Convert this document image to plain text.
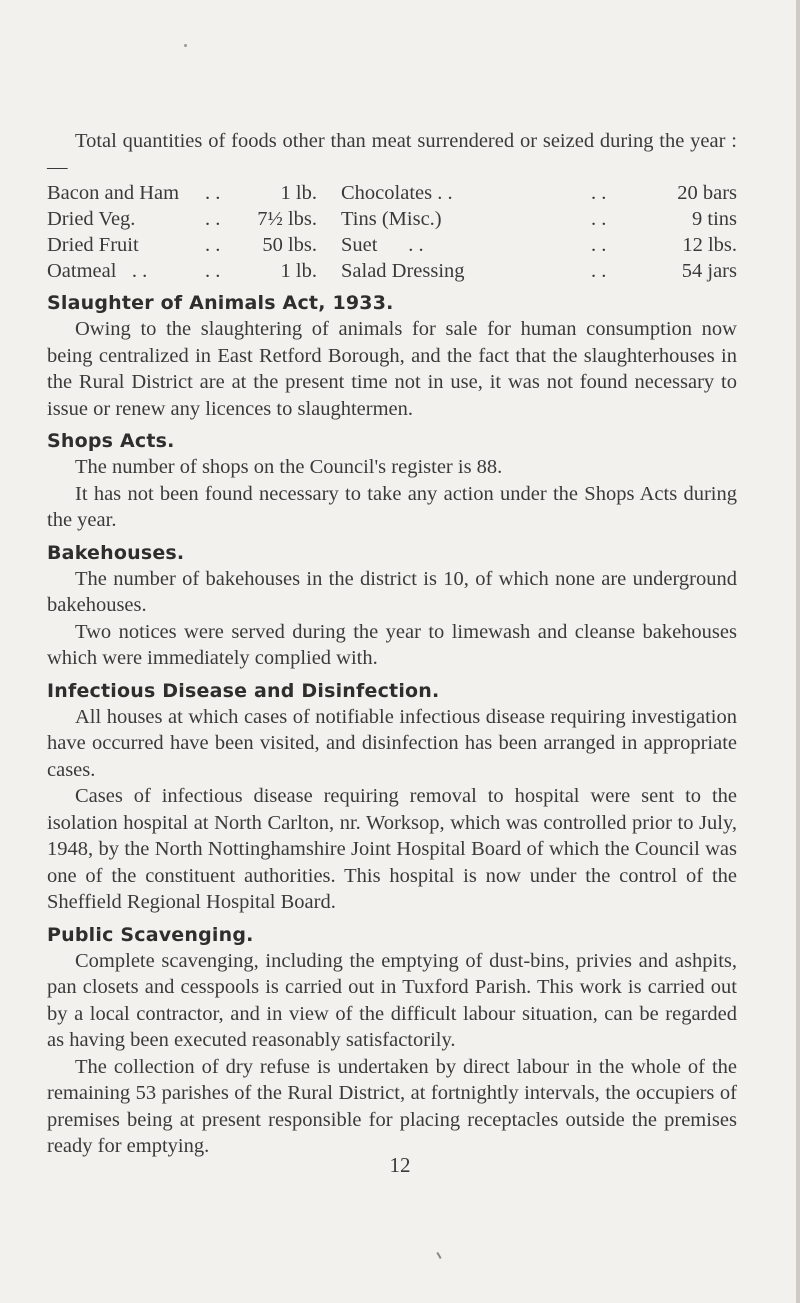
Total quantities of foods other than meat surrendered or seized during the year :—

Bacon and Ham	. .	1 lb.	Chocolates . .	. .	20 bars
Dried Veg.	. .	7½ lbs.	Tins (Misc.)	. .	9 tins
Dried Fruit	. .	50 lbs.	Suet      . .	. .	12 lbs.
Oatmeal   . .	. .	1 lb.	Salad Dressing	. .	54 jars
Slaughter of Animals Act, 1933.

Owing to the slaughtering of animals for sale for human consumption now being centralized in East Retford Borough, and the fact that the slaughterhouses in the Rural District are at the present time not in use, it was not found necessary to issue or renew any licences to slaughtermen.

Shops Acts.

The number of shops on the Council's register is 88.

It has not been found necessary to take any action under the Shops Acts during the year.

Bakehouses.

The number of bakehouses in the district is 10, of which none are underground bakehouses.

Two notices were served during the year to limewash and cleanse bakehouses which were immediately complied with.

Infectious Disease and Disinfection.

All houses at which cases of notifiable infectious disease requiring investigation have occurred have been visited, and disinfection has been arranged in appropriate cases.

Cases of infectious disease requiring removal to hospital were sent to the isolation hospital at North Carlton, nr. Worksop, which was controlled prior to July, 1948, by the North Nottinghamshire Joint Hospital Board of which the Council was one of the constituent authorities. This hospital is now under the control of the Sheffield Regional Hospital Board.

Public Scavenging.

Complete scavenging, including the emptying of dust-bins, privies and ashpits, pan closets and cesspools is carried out in Tuxford Parish. This work is carried out by a local contractor, and in view of the difficult labour situation, can be regarded as having been executed reasonably satisfactorily.

The collection of dry refuse is undertaken by direct labour in the whole of the remaining 53 parishes of the Rural District, at fortnightly intervals, the occupiers of premises being at present responsible for placing receptacles outside the premises ready for emptying.

12
